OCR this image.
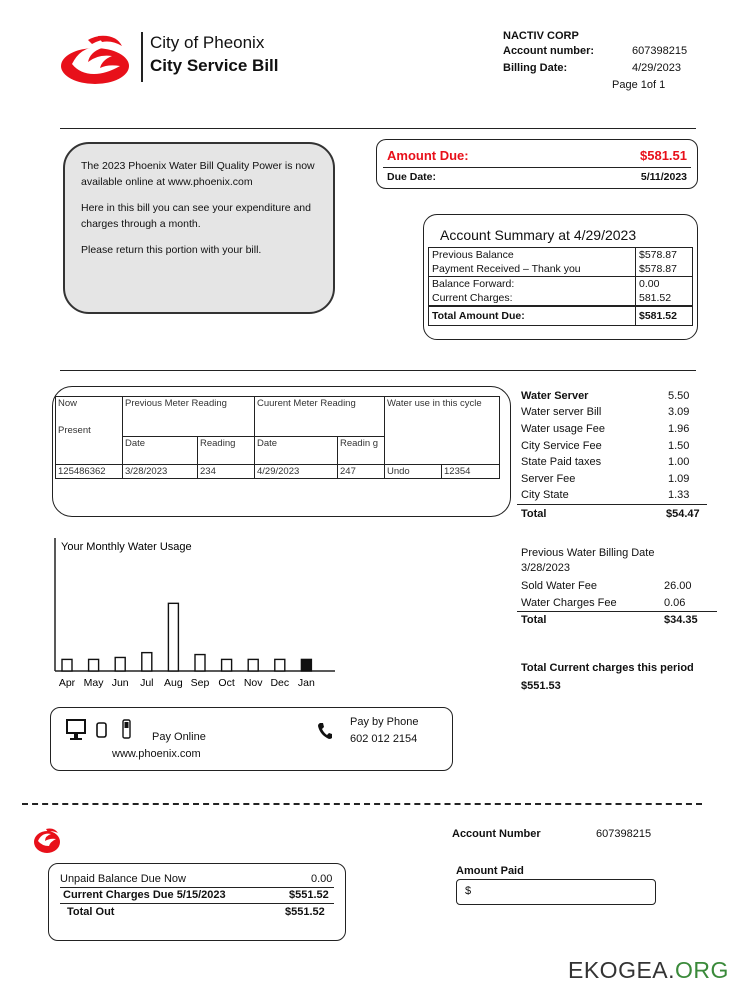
City of Pheonix
City Service Bill
NACTIV CORP
Account number:	607398215
Billing Date:	4/29/2023
Page 1of 1

The 2023 Phoenix Water Bill Quality Power is now available online at www.phoenix.com

Here in this bill you can see your expenditure and charges through a month.

Please return this portion with your bill.

Amount Due:	$581.51
Due Date:	5/11/2023
Account Summary at 4/29/2023
Previous Balance	$578.87
Payment Received – Thank you	$578.87
Balance Forward:	0.00
Current Charges:	581.52
Total Amount Due:	$581.52
Now
Present	Previous Meter Reading		Cuurent Meter Reading		Water use in this cycle	
	Date	Reading	Date	Readin g		
125486362	3/28/2023	234	4/29/2023	247	Undo	12354
Water Server	5.50
Water server Bill	3.09
Water usage Fee	1.96
City Service Fee	1.50
State Paid taxes	1.00
Server Fee	1.09
City State	1.33
Total	$54.47
Previous Water Billing Date
3/28/2023
Sold Water Fee	26.00
Water Charges Fee	0.06
Total	$34.35
Total Current charges this period
$551.53
Your Monthly Water Usage
Apr May Jun Jul Aug Sep Oct Nov Dec Jan
Pay Online
www.phoenix.com
Pay by Phone
602 012 2154
Account Number	607398215
Amount Paid
$
Unpaid Balance Due Now	0.00
Current Charges Due 5/15/2023	$551.52
Total Out	$551.52
EKOGEA.ORG
